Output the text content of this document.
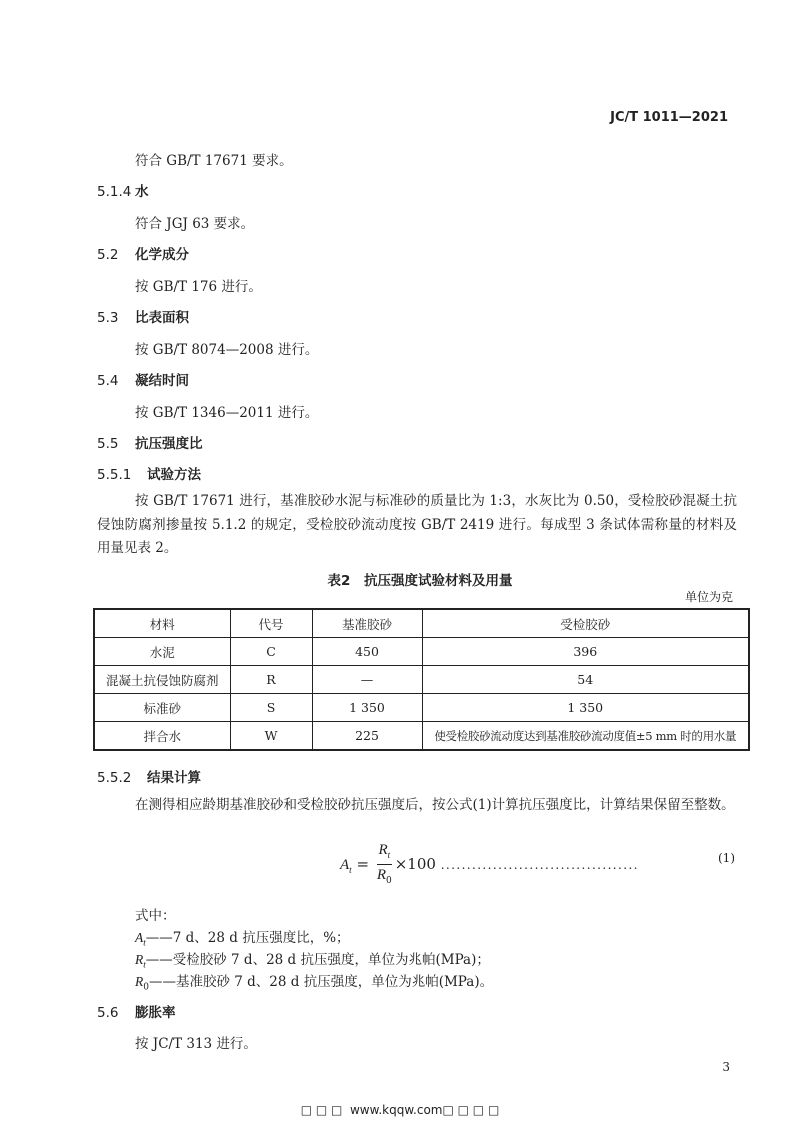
JC/T 1011—2021
符合 GB/T 17671 要求。
5.1.4 水
符合 JGJ 63 要求。
5.2 化学成分
按 GB/T 176 进行。
5.3 比表面积
按 GB/T 8074—2008 进行。
5.4 凝结时间
按 GB/T 1346—2011 进行。
5.5 抗压强度比
5.5.1 试验方法
按 GB/T 17671 进行，基准胶砂水泥与标准砂的质量比为 1:3，水灰比为 0.50，受检胶砂混凝土抗侵蚀防腐剂掺量按 5.1.2 的规定，受检胶砂流动度按 GB/T 2419 进行。每成型 3 条试体需称量的材料及用量见表 2。
表2　抗压强度试验材料及用量
单位为克
材料	代号	基准胶砂	受检胶砂
水泥	C	450	396
混凝土抗侵蚀防腐剂	R	—	54
标准砂	S	1 350	1 350
拌合水	W	225	使受检胶砂流动度达到基准胶砂流动度值±5 mm 时的用水量
5.5.2 结果计算
在测得相应龄期基准胶砂和受检胶砂抗压强度后，按公式(1)计算抗压强度比，计算结果保留至整数。
$A_t = \frac{R_t}{R_0} \times 100$ ......................................	(1)
式中：
$A_t——7$ d、28 d 抗压强度比，%；
$R_t——$受检胶砂 7 d、28 d 抗压强度，单位为兆帕(MPa)；
$R_0——$基准胶砂 7 d、28 d 抗压强度，单位为兆帕(MPa)。
5.6 膨胀率
按 JC/T 313 进行。
3
□ □ □  www.kqqw.com□ □ □ □
